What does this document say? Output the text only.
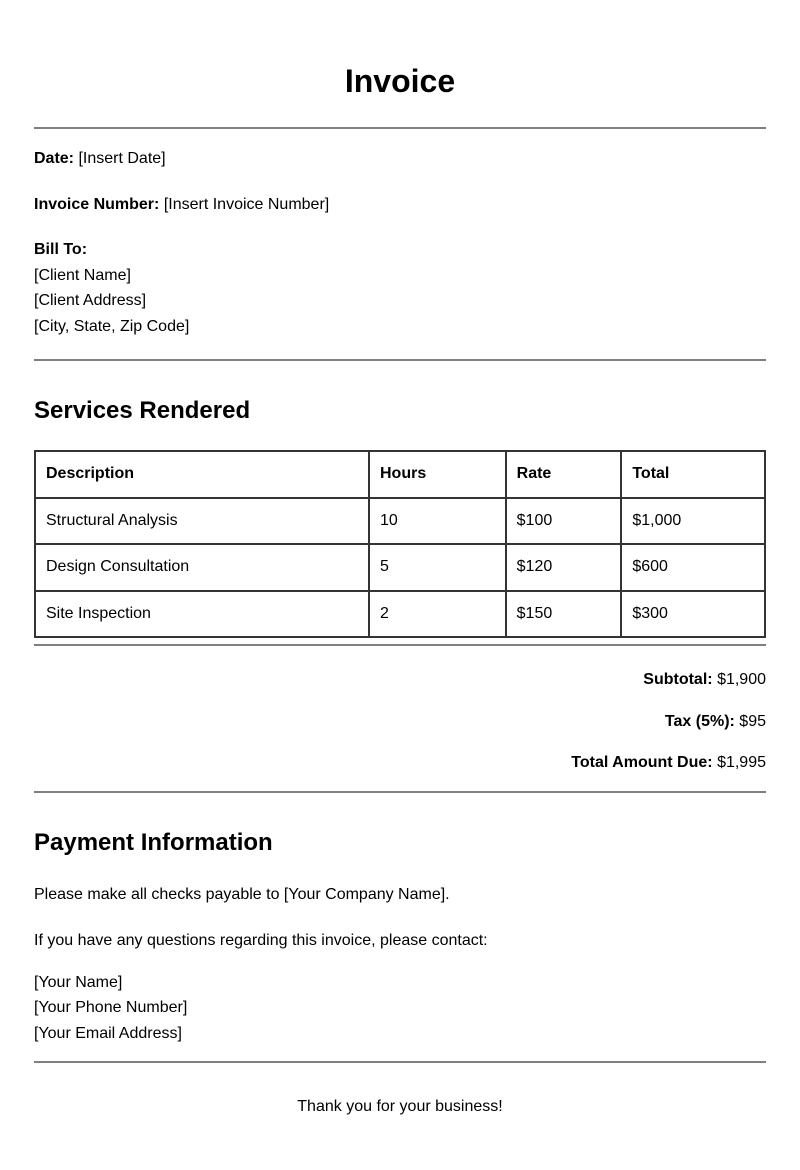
Invoice
Date: [Insert Date]
Invoice Number: [Insert Invoice Number]
Bill To:
[Client Name]
[Client Address]
[City, State, Zip Code]
Services Rendered
Description	Hours	Rate	Total
Structural Analysis	10	$100	$1,000
Design Consultation	5	$120	$600
Site Inspection	2	$150	$300
Subtotal: $1,900
Tax (5%): $95
Total Amount Due: $1,995
Payment Information
Please make all checks payable to [Your Company Name].
If you have any questions regarding this invoice, please contact:
[Your Name]
[Your Phone Number]
[Your Email Address]
Thank you for your business!
